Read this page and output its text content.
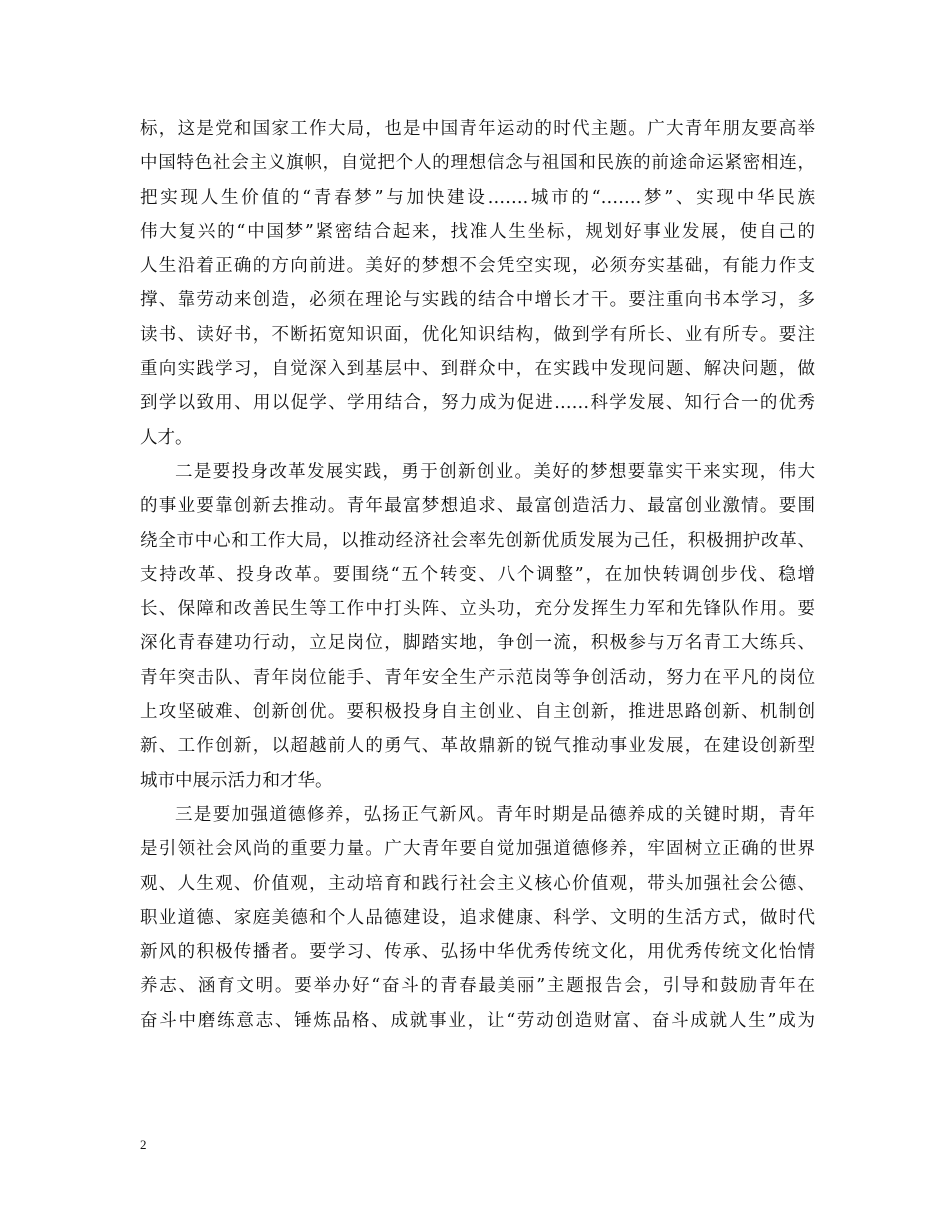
标，这是党和国家工作大局，也是中国青年运动的时代主题。广大青年朋友要高举
中国特色社会主义旗帜，自觉把个人的理想信念与祖国和民族的前途命运紧密相连，
把实现人生价值的“青春梦”与加快建设…….城市的“…….梦”、实现中华民族
伟大复兴的“中国梦”紧密结合起来，找准人生坐标，规划好事业发展，使自己的
人生沿着正确的方向前进。美好的梦想不会凭空实现，必须夯实基础，有能力作支
撑、靠劳动来创造，必须在理论与实践的结合中增长才干。要注重向书本学习，多
读书、读好书，不断拓宽知识面，优化知识结构，做到学有所长、业有所专。要注
重向实践学习，自觉深入到基层中、到群众中，在实践中发现问题、解决问题，做
到学以致用、用以促学、学用结合，努力成为促进……科学发展、知行合一的优秀
人才。
二是要投身改革发展实践，勇于创新创业。美好的梦想要靠实干来实现，伟大
的事业要靠创新去推动。青年最富梦想追求、最富创造活力、最富创业激情。要围
绕全市中心和工作大局，以推动经济社会率先创新优质发展为己任，积极拥护改革、
支持改革、投身改革。要围绕“五个转变、八个调整”，在加快转调创步伐、稳增
长、保障和改善民生等工作中打头阵、立头功，充分发挥生力军和先锋队作用。要
深化青春建功行动，立足岗位，脚踏实地，争创一流，积极参与万名青工大练兵、
青年突击队、青年岗位能手、青年安全生产示范岗等争创活动，努力在平凡的岗位
上攻坚破难、创新创优。要积极投身自主创业、自主创新，推进思路创新、机制创
新、工作创新，以超越前人的勇气、革故鼎新的锐气推动事业发展，在建设创新型
城市中展示活力和才华。
三是要加强道德修养，弘扬正气新风。青年时期是品德养成的关键时期，青年
是引领社会风尚的重要力量。广大青年要自觉加强道德修养，牢固树立正确的世界
观、人生观、价值观，主动培育和践行社会主义核心价值观，带头加强社会公德、
职业道德、家庭美德和个人品德建设，追求健康、科学、文明的生活方式，做时代
新风的积极传播者。要学习、传承、弘扬中华优秀传统文化，用优秀传统文化怡情
养志、涵育文明。要举办好“奋斗的青春最美丽”主题报告会，引导和鼓励青年在
奋斗中磨练意志、锤炼品格、成就事业，让“劳动创造财富、奋斗成就人生”成为
2
